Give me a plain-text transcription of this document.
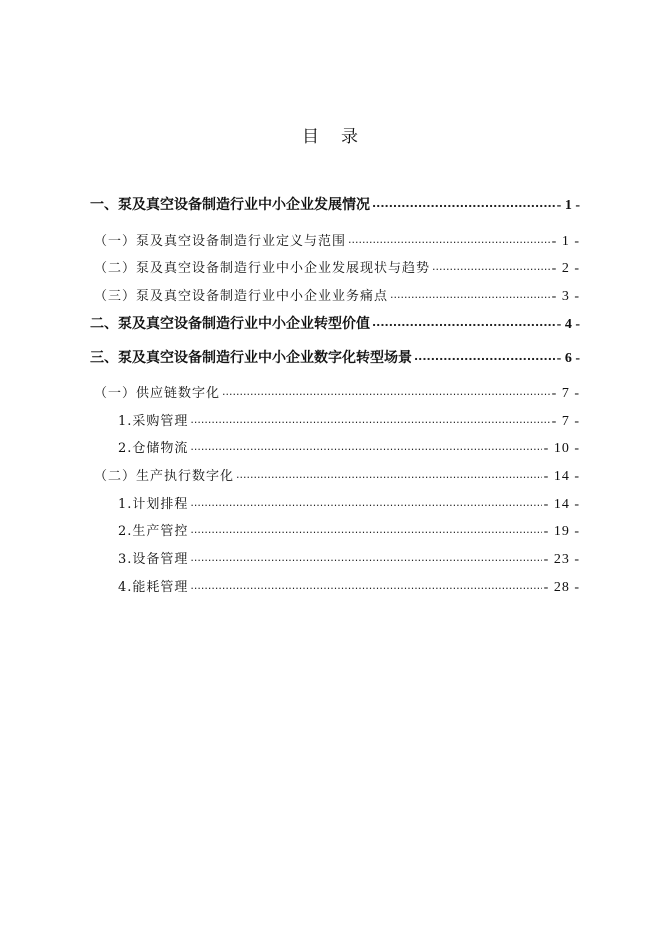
目 录
一、泵及真空设备制造行业中小企业发展情况 .....	- 1 -
（一）泵及真空设备制造行业定义与范围 .....	- 1 -
（二）泵及真空设备制造行业中小企业发展现状与趋势 .....	- 2 -
（三）泵及真空设备制造行业中小企业业务痛点 .....	- 3 -
二、泵及真空设备制造行业中小企业转型价值 .....	- 4 -
三、泵及真空设备制造行业中小企业数字化转型场景 .....	- 6 -
（一）供应链数字化 .....	- 7 -
1.采购管理 .....	- 7 -
2.仓储物流 .....	- 10 -
（二）生产执行数字化 .....	- 14 -
1.计划排程 .....	- 14 -
2.生产管控 .....	- 19 -
3.设备管理 .....	- 23 -
4.能耗管理 .....	- 28 -
